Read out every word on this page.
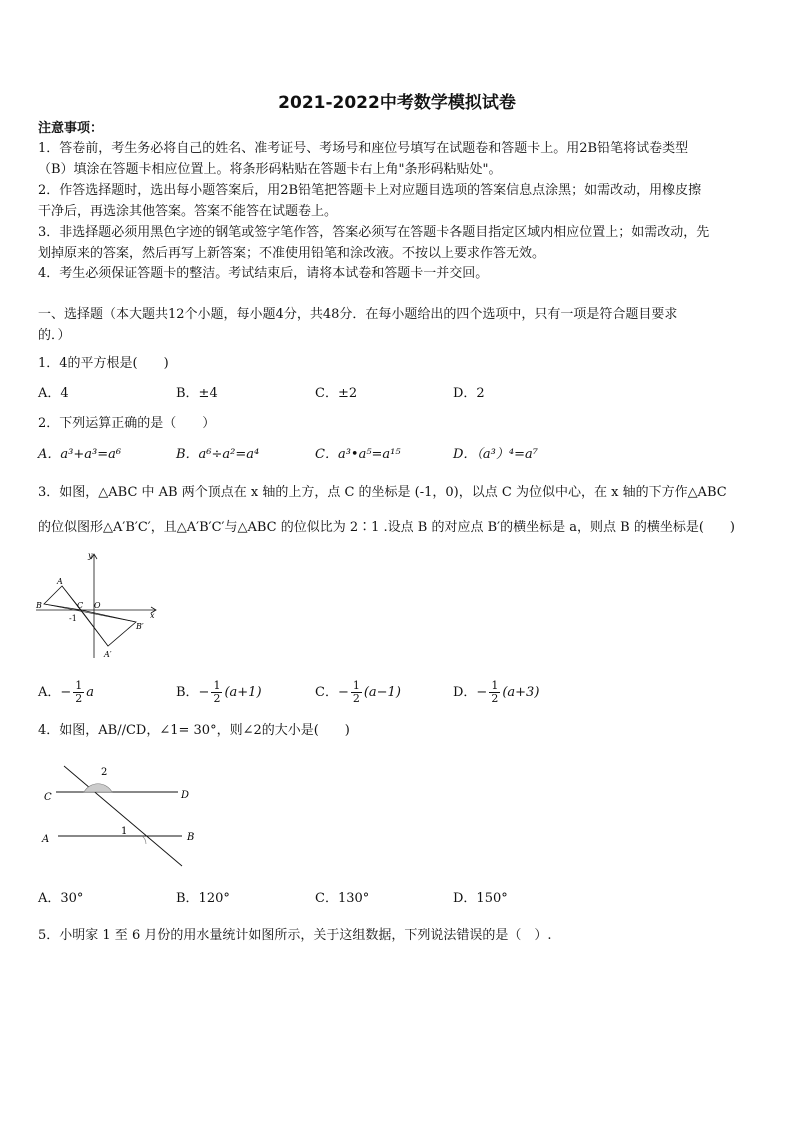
2021-2022中考数学模拟试卷
注意事项：
1．答卷前，考生务必将自己的姓名、准考证号、考场号和座位号填写在试题卷和答题卡上。用2B铅笔将试卷类型
（B）填涂在答题卡相应位置上。将条形码粘贴在答题卡右上角"条形码粘贴处"。
2．作答选择题时，选出每小题答案后，用2B铅笔把答题卡上对应题目选项的答案信息点涂黑；如需改动，用橡皮擦
干净后，再选涂其他答案。答案不能答在试题卷上。
3．非选择题必须用黑色字迹的钢笔或签字笔作答，答案必须写在答题卡各题目指定区域内相应位置上；如需改动，先
划掉原来的答案，然后再写上新答案；不准使用铅笔和涂改液。不按以上要求作答无效。
4．考生必须保证答题卡的整洁。考试结束后，请将本试卷和答题卡一并交回。
一、选择题（本大题共12个小题，每小题4分，共48分．在每小题给出的四个选项中，只有一项是符合题目要求
的．）
1．4的平方根是(　　)
A．4	B．±4	C．±2	D．2
2．下列运算正确的是（　　）
A．a³+a³=a⁶	B．a⁶÷a²=a⁴	C．a³•a⁵=a¹⁵	D．（a³）⁴=a⁷
3．如图，△ABC 中 AB 两个顶点在 x 轴的上方，点 C 的坐标是 (-1，0)，以点 C 为位似中心，在 x 轴的下方作△ABC
的位似图形△A′B′C′，且△A′B′C′与△ABC 的位似比为 2∶1 .设点 B 的对应点 B′的横坐标是 a，则点 B 的横坐标是(　　)
y
x
A
B	C O
-1
B′
A′
A．− $\frac{1}{2}$ a	B．− $\frac{1}{2} (a+1)$	C．− $\frac{1}{2} (a-1)$	D．− $\frac{1}{2} (a+3)$
4．如图，AB//CD，∠1= 30°，则∠2的大小是(　　)
C	D
A	B
1
2
A．30°	B．120°	C．130°	D．150°
5．小明家 1 至 6 月份的用水量统计如图所示，关于这组数据，下列说法错误的是（　）.
